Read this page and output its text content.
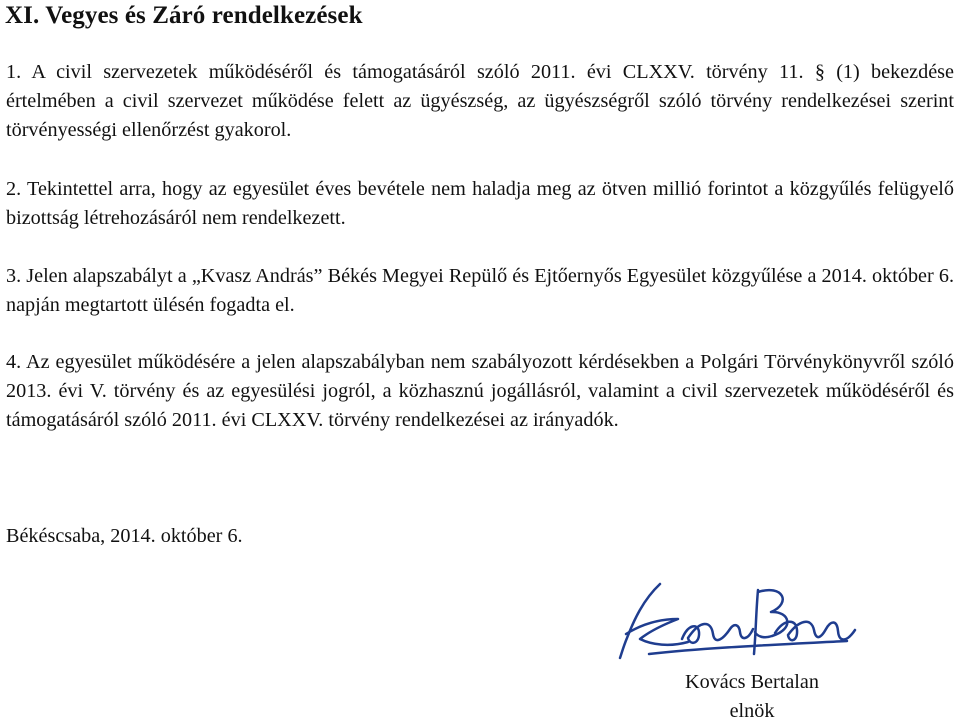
XI. Vegyes és Záró rendelkezések

1. A civil szervezetek működéséről és támogatásáról szóló 2011. évi CLXXV. törvény 11. § (1) bekezdése értelmében a civil szervezet működése felett az ügyészség, az ügyészségről szóló törvény rendelkezései szerint törvényességi ellenőrzést gyakorol.

2. Tekintettel arra, hogy az egyesület éves bevétele nem haladja meg az ötven millió forintot a közgyűlés felügyelő bizottság létrehozásáról nem rendelkezett.

3. Jelen alapszabályt a „Kvasz András” Békés Megyei Repülő és Ejtőernyős Egyesület közgyűlése a 2014. október 6. napján megtartott ülésén fogadta el.

4. Az egyesület működésére a jelen alapszabályban nem szabályozott kérdésekben a Polgári Törvénykönyvről szóló 2013. évi V. törvény és az egyesülési jogról, a közhasznú jogállásról, valamint a civil szervezetek működéséről és támogatásáról szóló 2011. évi CLXXV. törvény rendelkezései az irányadók.

Békéscsaba, 2014. október 6.

Kovács Bertalan

elnök
